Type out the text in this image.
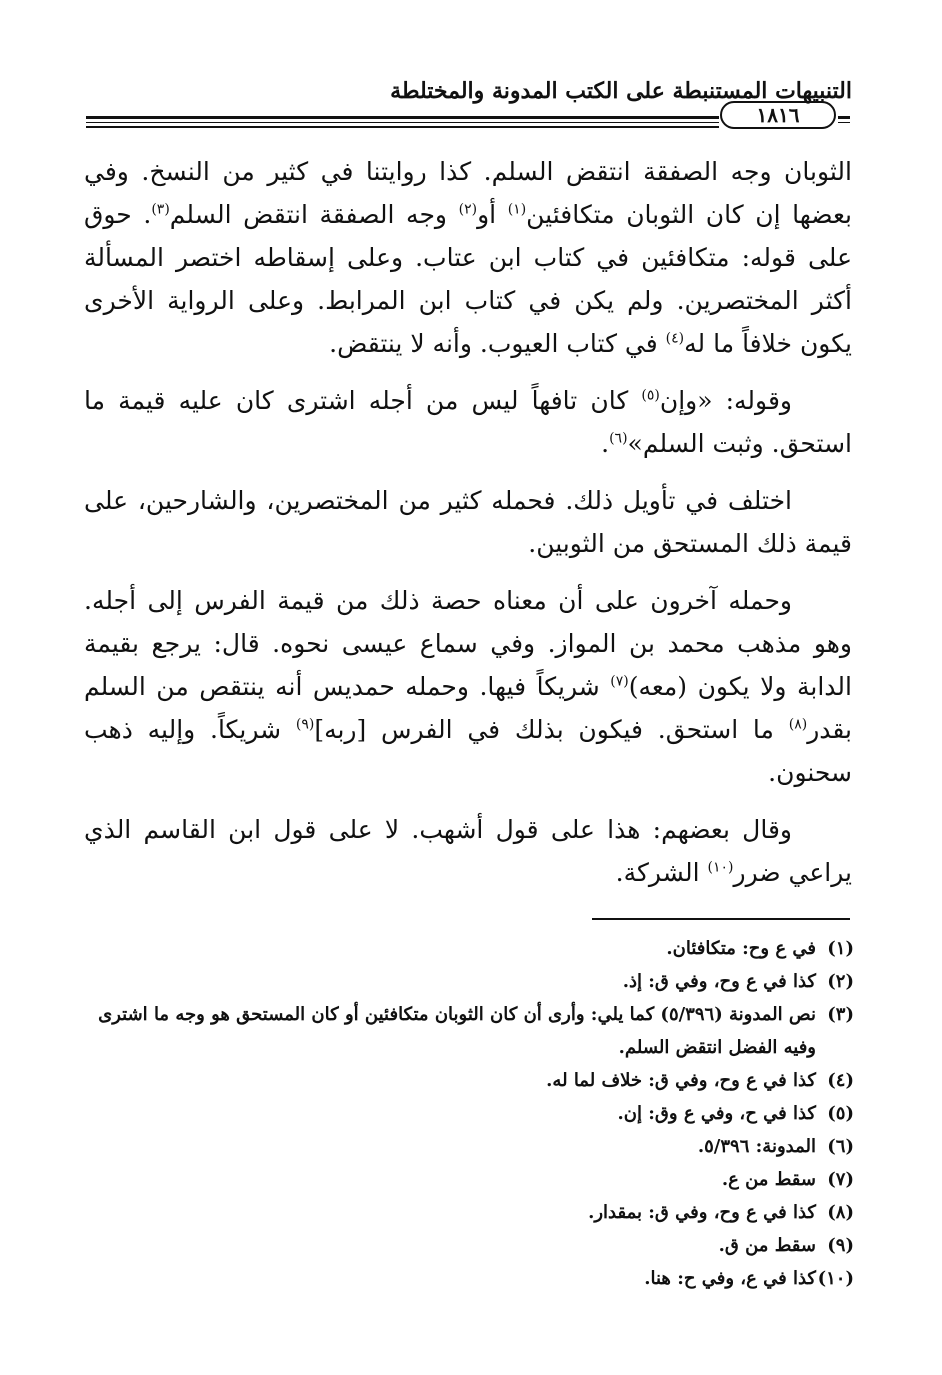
التنبيهات المستنبطة على الكتب المدونة والمختلطة
١٨١٦

الثوبان وجه الصفقة انتقض السلم. كذا روايتنا في كثير من النسخ. وفي بعضها إن كان الثوبان متكافئين$^{(١)}$ أو$^{(٢)}$ وجه الصفقة انتقض السلم$^{(٣)}$. حوق على قوله: متكافئين في كتاب ابن عتاب. وعلى إسقاطه اختصر المسألة أكثر المختصرين. ولم يكن في كتاب ابن المرابط. وعلى الرواية الأخرى يكون خلافاً ما له$^{(٤)}$ في كتاب العيوب. وأنه لا ينتقض.

وقوله: «وإن$^{(٥)}$ كان تافهاً ليس من أجله اشترى كان عليه قيمة ما استحق. وثبت السلم»$^{(٦)}$.

اختلف في تأويل ذلك. فحمله كثير من المختصرين، والشارحين، على قيمة ذلك المستحق من الثوبين.

وحمله آخرون على أن معناه حصة ذلك من قيمة الفرس إلى أجله. وهو مذهب محمد بن المواز. وفي سماع عيسى نحوه. قال: يرجع بقيمة الدابة ولا يكون (معه)$^{(٧)}$ شريكاً فيها. وحمله حمديس أنه ينتقص من السلم بقدر$^{(٨)}$ ما استحق. فيكون بذلك في الفرس [ربه]$^{(٩)}$ شريكاً. وإليه ذهب سحنون.

وقال بعضهم: هذا على قول أشهب. لا على قول ابن القاسم الذي يراعي ضرر$^{(١٠)}$ الشركة.

(١)
في ع وح: متكافئان.
(٢)
كذا في ع وح، وفي ق: إذ.
(٣)
نص المدونة (٥/٣٩٦) كما يلي: وأرى أن كان الثوبان متكافئين أو كان المستحق هو وجه ما اشترى وفيه الفضل انتقض السلم.
(٤)
كذا في ع وح، وفي ق: خلاف لما له.
(٥)
كذا في ح، وفي ع وق: إن.
(٦)
المدونة: ٥/٣٩٦.
(٧)
سقط من ع.
(٨)
كذا في ع وح، وفي ق: بمقدار.
(٩)
سقط من ق.
(١٠)
كذا في ع، وفي ح: هنا.
